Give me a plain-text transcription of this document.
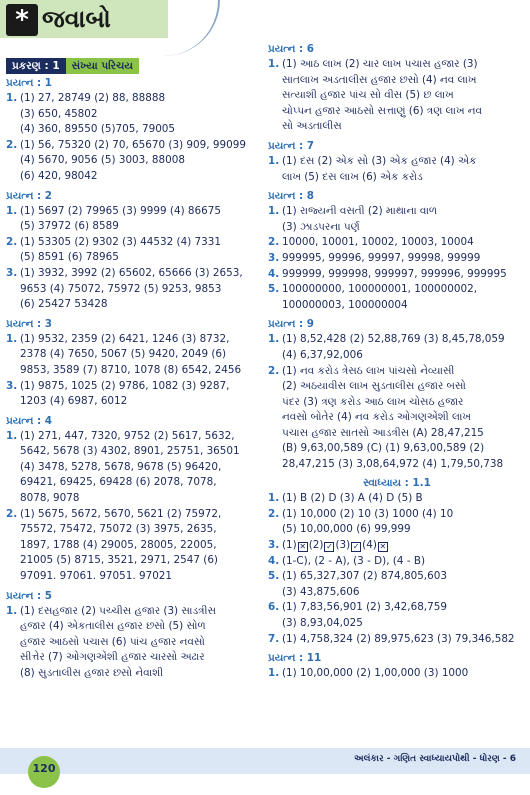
* જવાબો
પ્રકરણ : 1	સંખ્યા પરિચય
પ્રયત્ન : 1
1. (1) 27, 28749 (2) 88, 88888
(3) 650, 45802
(4) 360, 89550 (5)705, 79005
2. (1) 56, 75320 (2) 70, 65670 (3) 909, 99099
(4) 5670, 9056 (5) 3003, 88008
(6) 420, 98042
પ્રયત્ન : 2
1. (1) 5697 (2) 79965 (3) 9999 (4) 86675
(5) 37972 (6) 8589
2. (1) 53305 (2) 9302 (3) 44532 (4) 7331
(5) 8591 (6) 78965
3. (1) 3932, 3992 (2) 65602, 65666 (3) 2653,
9653 (4) 75072, 75972 (5) 9253, 9853
(6) 25427 53428
પ્રયત્ન : 3
1. (1) 9532, 2359 (2) 6421, 1246 (3) 8732,
2378 (4) 7650, 5067 (5) 9420, 2049 (6)
9853, 3589 (7) 8710, 1078 (8) 6542, 2456
3. (1) 9875, 1025 (2) 9786, 1082 (3) 9287,
1203 (4) 6987, 6012
પ્રયત્ન : 4
1. (1) 271, 447, 7320, 9752 (2) 5617, 5632,
5642, 5678 (3) 4302, 8901, 25751, 36501
(4) 3478, 5278, 5678, 9678 (5) 96420,
69421, 69425, 69428 (6) 2078, 7078,
8078, 9078
2. (1) 5675, 5672, 5670, 5621 (2) 75972,
75572, 75472, 75072 (3) 3975, 2635,
1897, 1788 (4) 29005, 28005, 22005,
21005 (5) 8715, 3521, 2971, 2547 (6)
97091. 97061. 97051. 97021
પ્રયત્ન : 5
1. (1) દસહજાર (2) પચ્ચીસ હજાર (3) સાડત્રીસ
હજાર (4) એકતાલીસ હજાર છસો (5) સોળ
હજાર આઠસો પચાસ (6) પાંચ હજાર નવસો
સીત્તેર (7) ઓગણએંશી હજાર ચારસો અઢાર
(8) સુડતાલીસ હજાર છસો નેવાશી
પ્રયત્ન : 6
1. (1) આઠ લાખ (2) ચાર લાખ પચાસ હજાર (3)
સાતલાખ અડતાલીસ હજાર છસો (4) નવ લાખ
સત્યાશી હજાર પાંચ સો વીસ (5) છ લાખ
ચોપ્પન હજાર આઠસો સત્તાણું (6) ત્રણ લાખ નવ
સો અડતાલીસ
પ્રયત્ન : 7
1. (1) દસ (2) એક સો (3) એક હજાર (4) એક
લાખ (5) દસ લાખ (6) એક કરોડ
પ્રયત્ન : 8
1. (1) રાજ્યની વસતી (2) માથાના વાળ
(3) ઝાડપરના પર્ણ
2. 10000, 10001, 10002, 10003, 10004
3. 999995, 99996, 99997, 99998, 99999
4. 999999, 999998, 999997, 999996, 999995
5. 100000000, 100000001, 100000002,
100000003, 100000004
પ્રયત્ન : 9
1. (1) 8,52,428 (2) 52,88,769 (3) 8,45,78,059
(4) 6,37,92,006
2. (1) નવ કરોડ ત્રેસઠ લાખ પાંચસો નેવ્યાસી
(2) અઠયાવીસ લાખ સુડતાલીસ હજાર બસો
પંદર (3) ત્રણ કરોડ આઠ લાખ ચોસઠ હજાર
નવસો બોતેર (4) નવ કરોડ ઓગણએંશી લાખ
પચાસ હજાર સાતસો આડત્રીસ (A) 28,47,215
(B) 9,63,00,589 (C) (1) 9,63,00,589 (2)
28,47,215 (3) 3,08,64,972 (4) 1,79,50,738
સ્વાધ્યાય : 1.1
1. (1) B (2) D (3) A (4) D (5) B
2. (1) 10,000 (2) 10 (3) 1000 (4) 10
(5) 10,00,000 (6) 99,999
3. (1) ✕ (2) ✓ (3) ✓ (4) ✕
4. (1-C), (2 - A), (3 - D), (4 - B)
5. (1) 65,327,307 (2) 874,805,603
(3) 43,875,606
6. (1) 7,83,56,901 (2) 3,42,68,759
(3) 8,93,04,025
7. (1) 4,758,324 (2) 89,975,623 (3) 79,346,582
પ્રયત્ન : 11
1. (1) 10,00,000 (2) 1,00,000 (3) 1000
અલંકાર - ગણિત સ્વાધ્યાયપોથી - ધોરણ - 6
120
